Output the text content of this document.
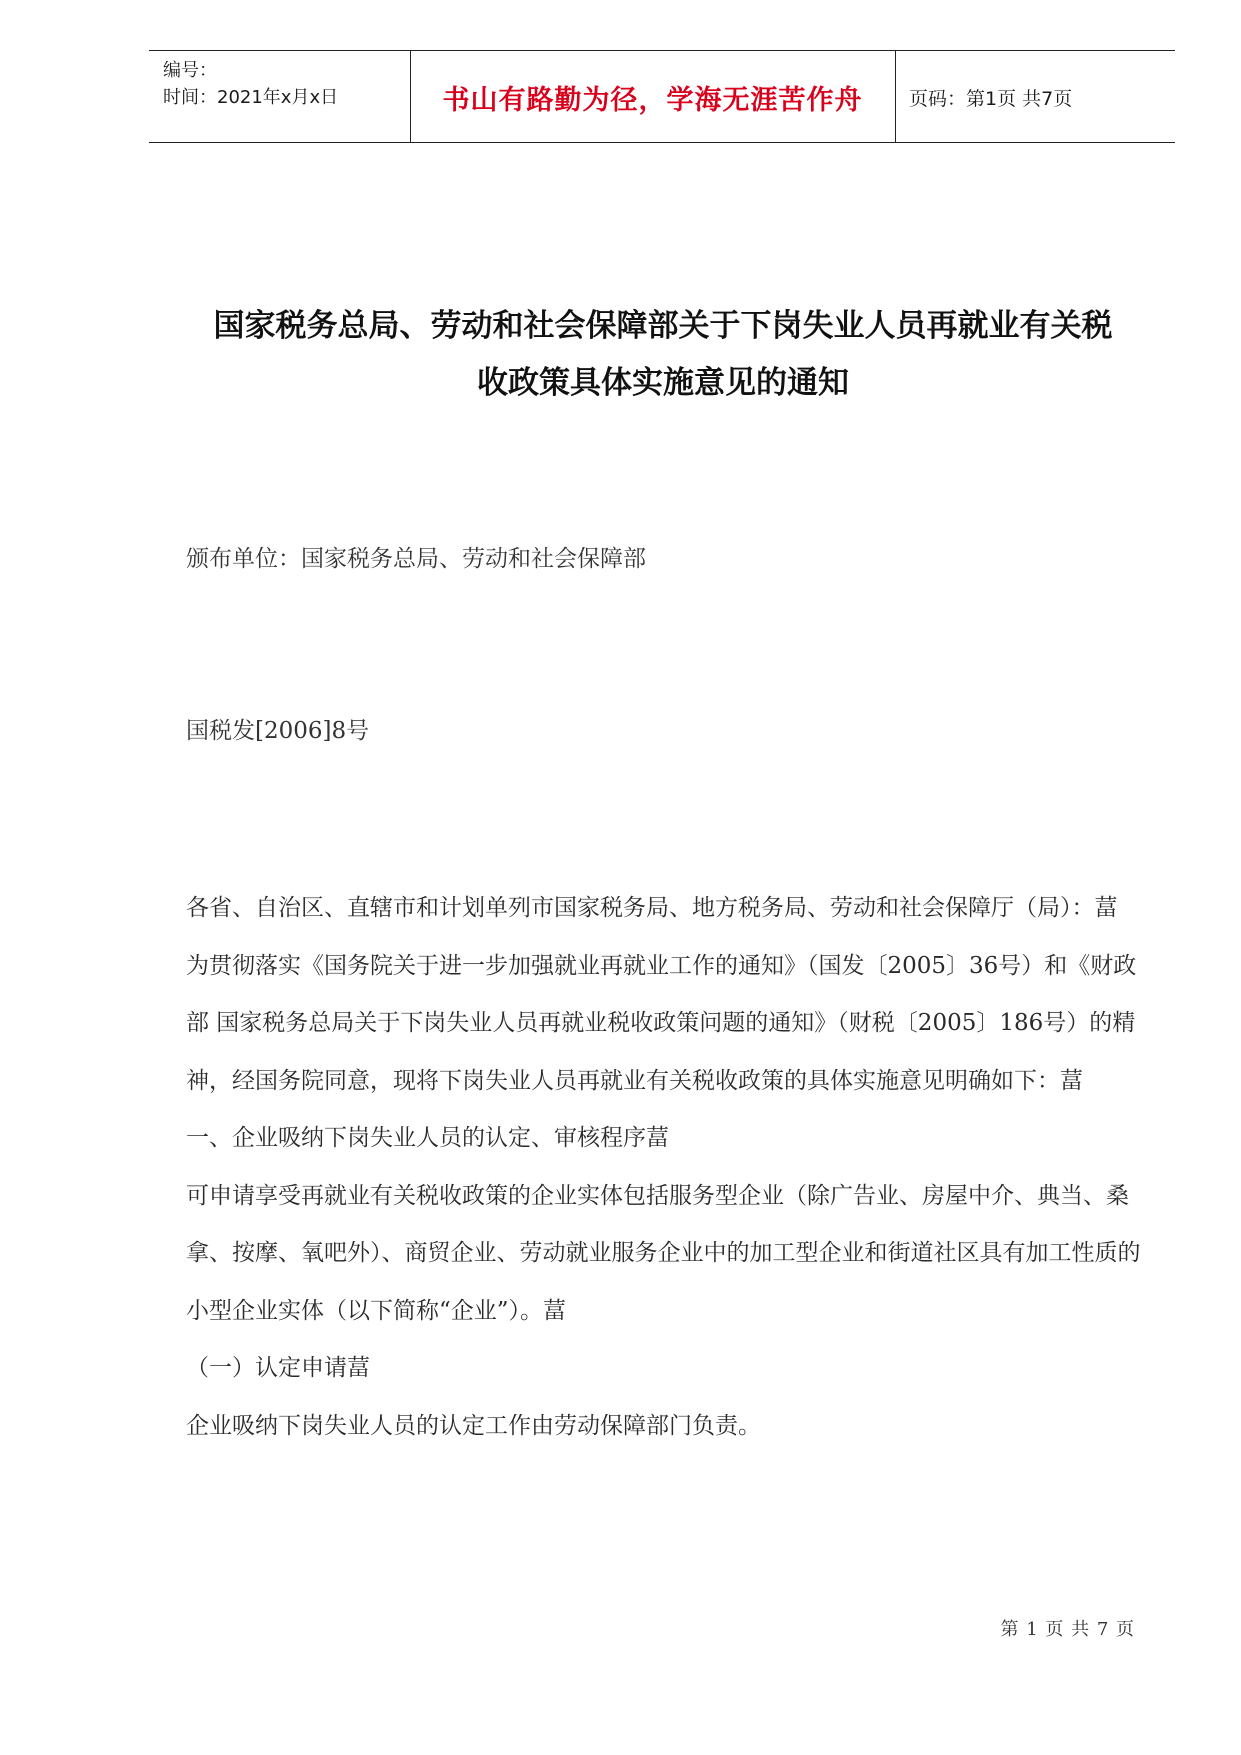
编号：
时间：2021年x月x日	书山有路勤为径，学海无涯苦作舟	页码：第1页 共7页
国家税务总局、劳动和社会保障部关于下岗失业人员再就业有关税
收政策具体实施意见的通知
颁布单位：国家税务总局、劳动和社会保障部
国税发[2006]8号

各省、自治区、直辖市和计划单列市国家税务局、地方税务局、劳动和社会保障厅（局）：葍

为贯彻落实《国务院关于进一步加强就业再就业工作的通知》（国发〔2005〕36号）和《财政部 国家税务总局关于下岗失业人员再就业税收政策问题的通知》（财税〔2005〕186号）的精神，经国务院同意，现将下岗失业人员再就业有关税收政策的具体实施意见明确如下：葍

一、企业吸纳下岗失业人员的认定、审核程序葍

可申请享受再就业有关税收政策的企业实体包括服务型企业（除广告业、房屋中介、典当、桑拿、按摩、氧吧外）、商贸企业、劳动就业服务企业中的加工型企业和街道社区具有加工性质的小型企业实体（以下简称“企业”）。葍

（一）认定申请葍

企业吸纳下岗失业人员的认定工作由劳动保障部门负责。

第 1 页 共 7 页
